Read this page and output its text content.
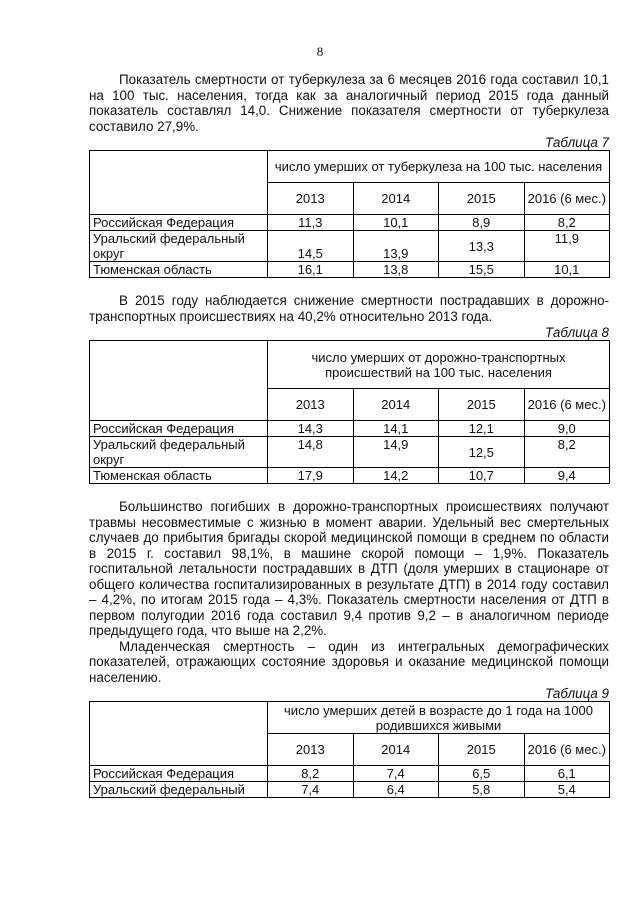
8

Показатель смертности от туберкулеза за 6 месяцев 2016 года составил 10,1 на 100 тыс. населения, тогда как за аналогичный период 2015 года данный показатель составлял 14,0. Снижение показателя смертности от туберкулеза составило 27,9%.

Таблица 7
	число умерших от туберкулеза на 100 тыс. населения			
	2013	2014	2015	2016 (6 мес.)
Российская Федерация	11,3	10,1	8,9	8,2
Уральский федеральный округ	14,5	13,9	13,3	11,9
Тюменская область	16,1	13,8	15,5	10,1

В 2015 году наблюдается снижение смертности пострадавших в дорожно-транспортных происшествиях на 40,2% относительно 2013 года.

Таблица 8
	число умерших от дорожно-транспортных происшествий на 100 тыс. населения			
	2013	2014	2015	2016 (6 мес.)
Российская Федерация	14,3	14,1	12,1	9,0
Уральский федеральный округ	14,8	14,9	12,5	8,2
Тюменская область	17,9	14,2	10,7	9,4

Большинство погибших в дорожно-транспортных происшествиях получают травмы несовместимые с жизнью в момент аварии. Удельный вес смертельных случаев до прибытия бригады скорой медицинской помощи в среднем по области в 2015 г. составил 98,1%, в машине скорой помощи – 1,9%. Показатель госпитальной летальности пострадавших в ДТП (доля умерших в стационаре от общего количества госпитализированных в результате ДТП) в 2014 году составил – 4,2%, по итогам 2015 года – 4,3%. Показатель смертности населения от ДТП в первом полугодии 2016 года составил 9,4 против 9,2 – в аналогичном периоде предыдущего года, что выше на 2,2%.

Младенческая смертность – один из интегральных демографических показателей, отражающих состояние здоровья и оказание медицинской помощи населению.

Таблица 9
	число умерших детей в возрасте до 1 года на 1000 родившихся живыми			
	2013	2014	2015	2016 (6 мес.)
Российская Федерация	8,2	7,4	6,5	6,1
Уральский федеральный	7,4	6,4	5,8	5,4
